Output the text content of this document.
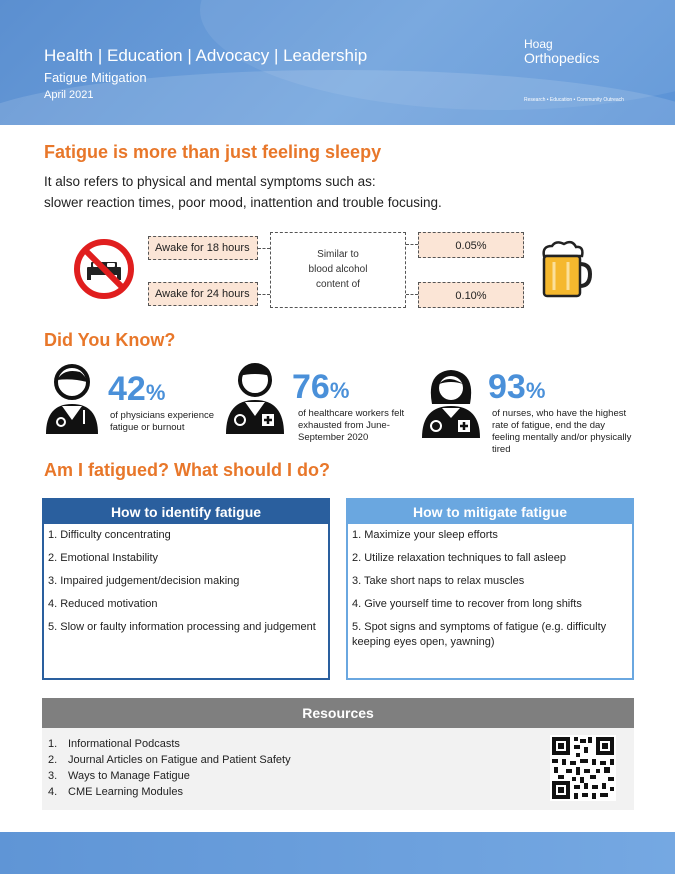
Health | Education | Advocacy | Leadership
Fatigue Mitigation
April 2021
Hoag
Orthopedics
Research • Education • Community Outreach
Fatigue is more than just feeling sleepy
It also refers to physical and mental symptoms such as:
slower reaction times, poor mood, inattention and trouble focusing.
Awake for 18 hours
Awake for 24 hours
Similar to
blood alcohol
content of
0.05%
0.10%
Did You Know?
42%
of physicians experience fatigue or burnout
76%
of healthcare workers felt exhausted from June-September 2020
93%
of nurses, who have the highest rate of fatigue, end the day feeling mentally and/or physically tired
Am I fatigued? What should I do?
How to identify fatigue
1. Difficulty concentrating
2. Emotional Instability
3. Impaired judgement/decision making
4. Reduced motivation
5. Slow or faulty information processing and judgement
How to mitigate fatigue
1. Maximize your sleep efforts
2. Utilize relaxation techniques to fall asleep
3. Take short naps to relax muscles
4. Give yourself time to recover from long shifts
5. Spot signs and symptoms of fatigue (e.g. difficulty keeping eyes open, yawning)
Resources
1. Informational Podcasts
2. Journal Articles on Fatigue and Patient Safety
3. Ways to Manage Fatigue
4. CME Learning Modules
